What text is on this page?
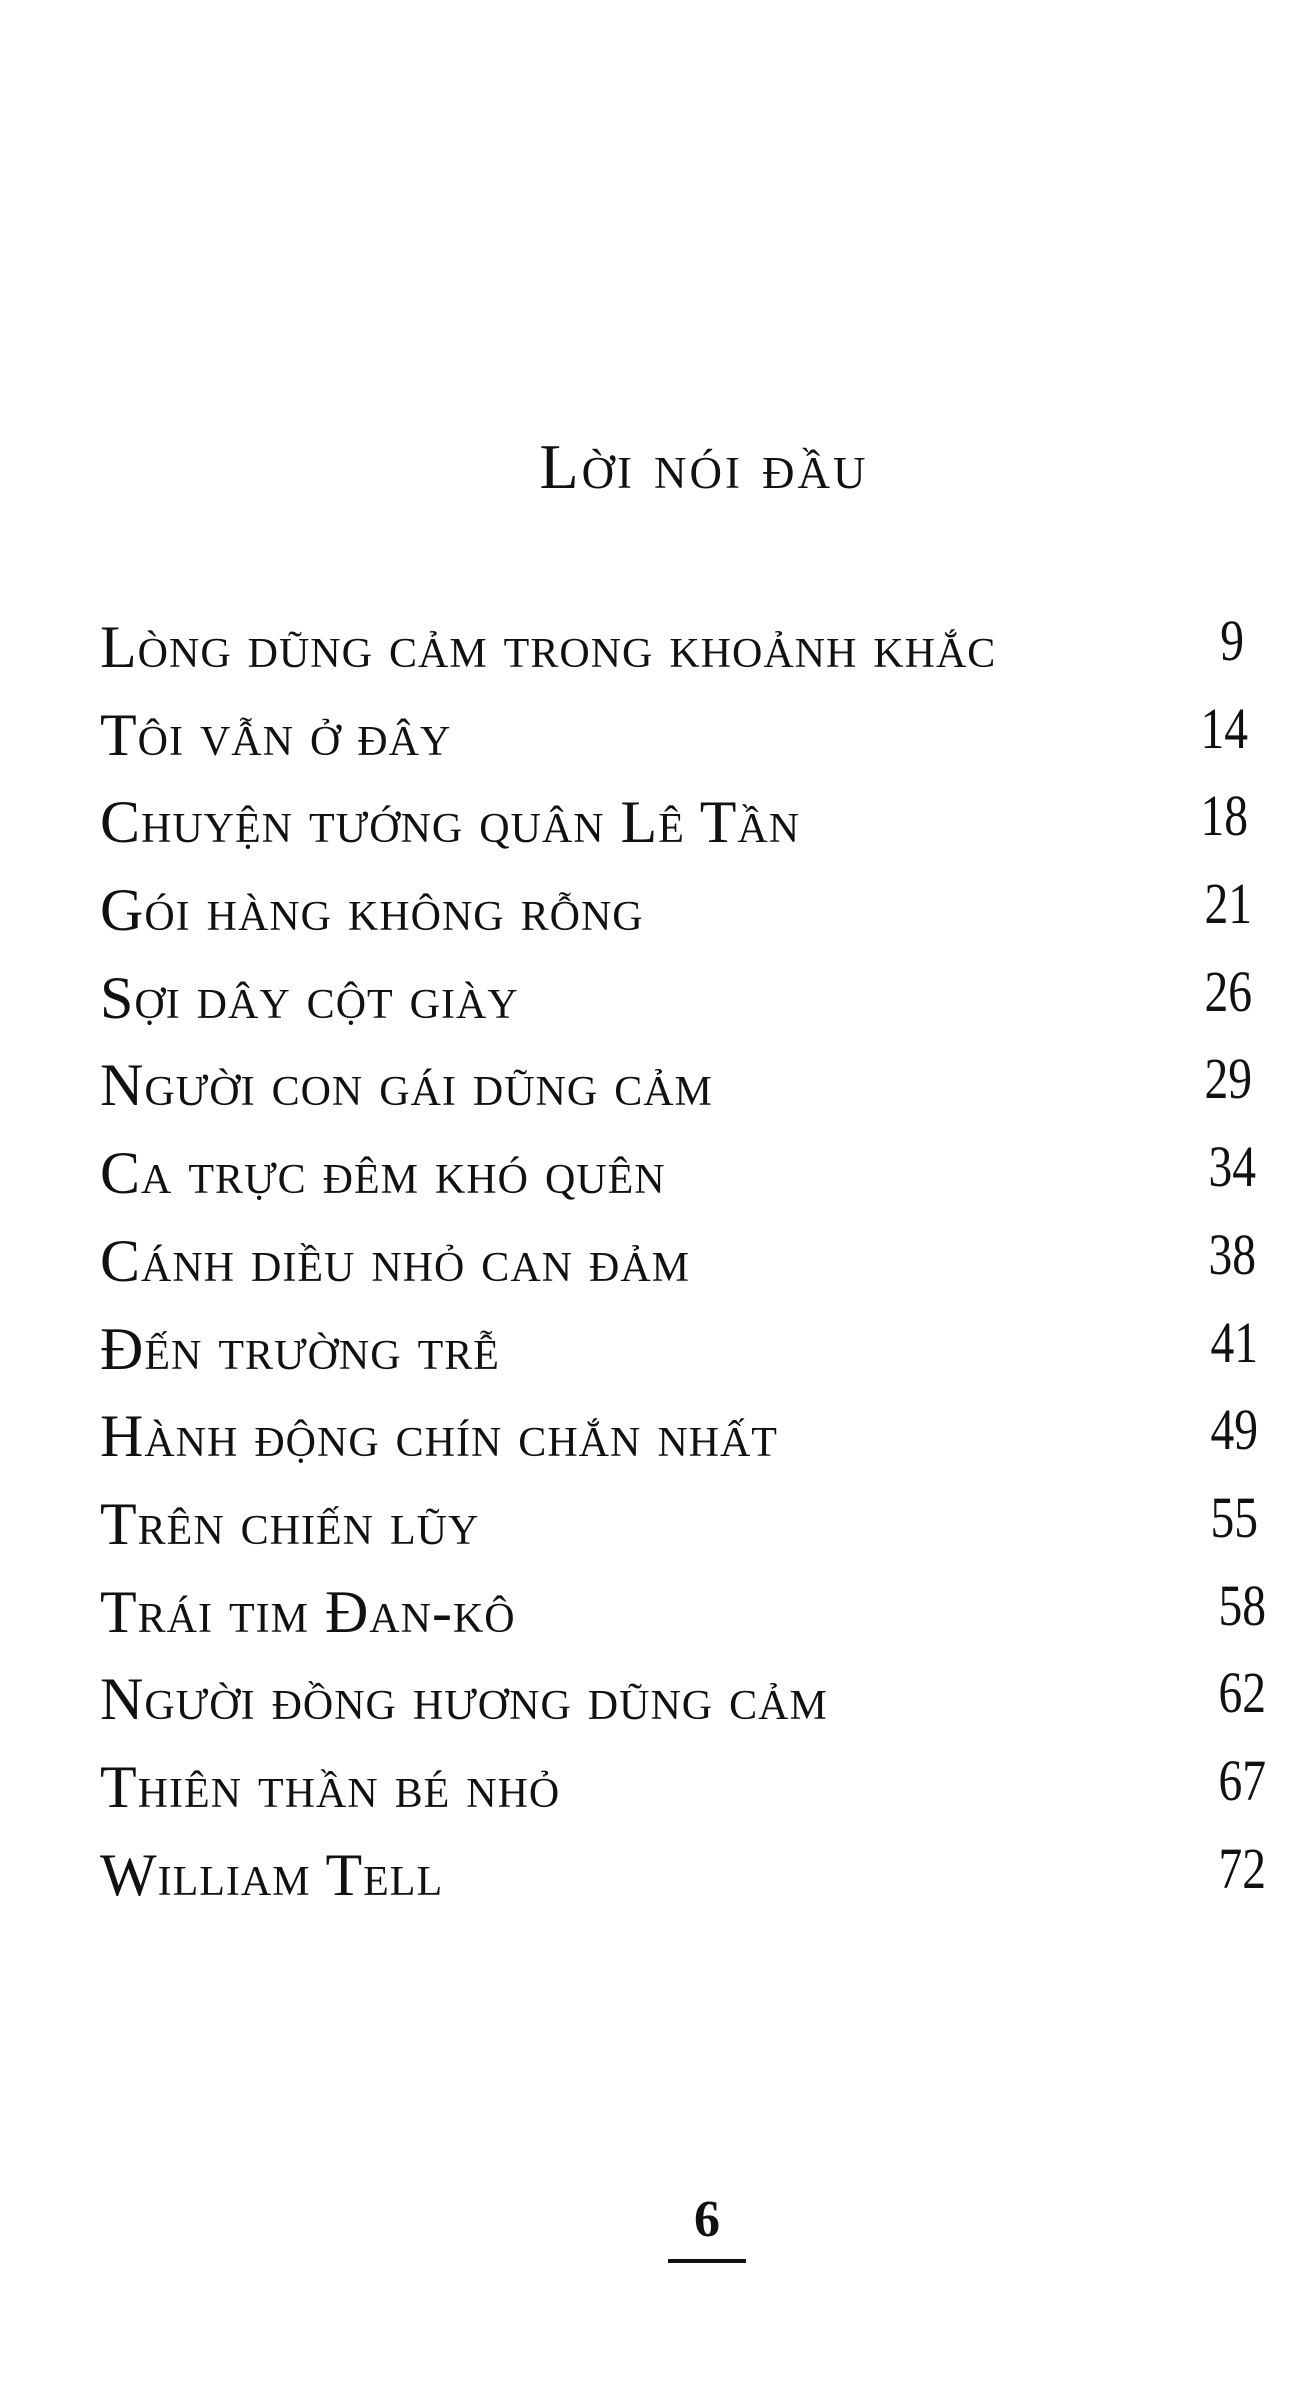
Lời nói đầu
Lòng dũng cảm trong khoảnh khắc	9
Tôi vẫn ở đây	14
Chuyện tướng quân Lê Tần	18
Gói hàng không rỗng	21
Sợi dây cột giày	26
Người con gái dũng cảm	29
Ca trực đêm khó quên	34
Cánh diều nhỏ can đảm	38
Đến trường trễ	41
Hành động chín chắn nhất	49
Trên chiến lũy	55
Trái tim Đan-kô	58
Người đồng hương dũng cảm	62
Thiên thần bé nhỏ	67
William Tell	72
6
